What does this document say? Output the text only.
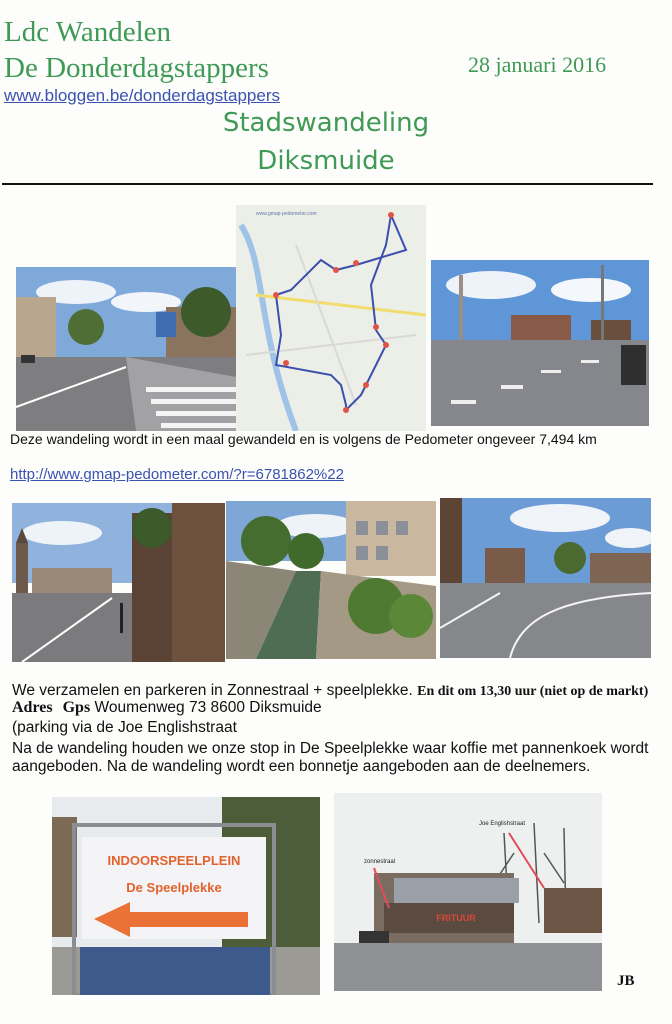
Ldc Wandelen
De Donderdagstappers	28 januari 2016
www.bloggen.be/donderdagstappers
Stadswandeling
Diksmuide
www.gmap-pedometer.com
Deze wandeling wordt in een maal gewandeld en is volgens de Pedometer ongeveer 7,494 km
http://www.gmap-pedometer.com/?r=6781862%22
We verzamelen en parkeren in Zonnestraal + speelplekke. En dit om 13,30 uur (niet op de markt)
Adres Gps Woumenweg 73 8600 Diksmuide
(parking via de Joe Englishstraat
Na de wandeling houden we onze stop in De Speelplekke waar koffie met pannenkoek wordt
aangeboden. Na de wandeling wordt een bonnetje aangeboden aan de deelnemers.
INDOORSPEELPLEIN
De Speelplekke
FRITUUR
zonnestraal
Joe Englishstraat
JB
